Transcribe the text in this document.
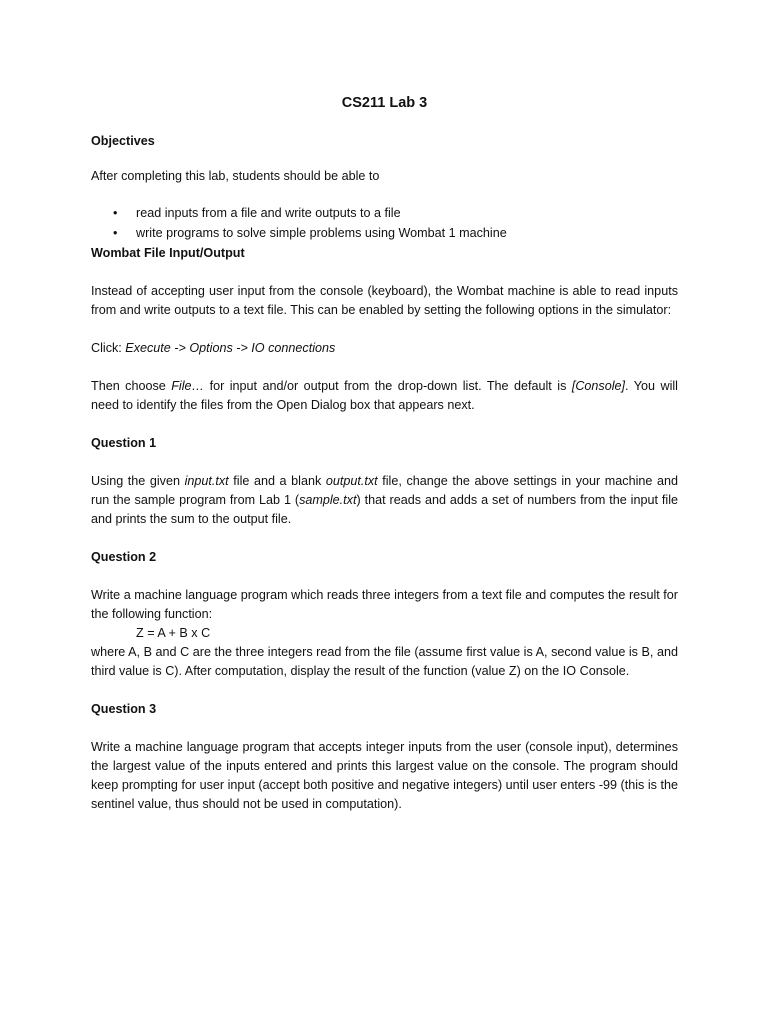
CS211 Lab 3
Objectives

After completing this lab, students should be able to

• read inputs from a file and write outputs to a file
• write programs to solve simple problems using Wombat 1 machine
Wombat File Input/Output

Instead of accepting user input from the console (keyboard), the Wombat machine is able to read inputs from and write outputs to a text file. This can be enabled by setting the following options in the simulator:

Click: Execute -> Options -> IO connections

Then choose File… for input and/or output from the drop-down list. The default is [Console]. You will need to identify the files from the Open Dialog box that appears next.

Question 1

Using the given input.txt file and a blank output.txt file, change the above settings in your machine and run the sample program from Lab 1 (sample.txt) that reads and adds a set of numbers from the input file and prints the sum to the output file.

Question 2

Write a machine language program which reads three integers from a text file and computes the result for the following function:

Z = A + B x C

where A, B and C are the three integers read from the file (assume first value is A, second value is B, and third value is C). After computation, display the result of the function (value Z) on the IO Console.

Question 3

Write a machine language program that accepts integer inputs from the user (console input), determines the largest value of the inputs entered and prints this largest value on the console. The program should keep prompting for user input (accept both positive and negative integers) until user enters -99 (this is the sentinel value, thus should not be used in computation).
